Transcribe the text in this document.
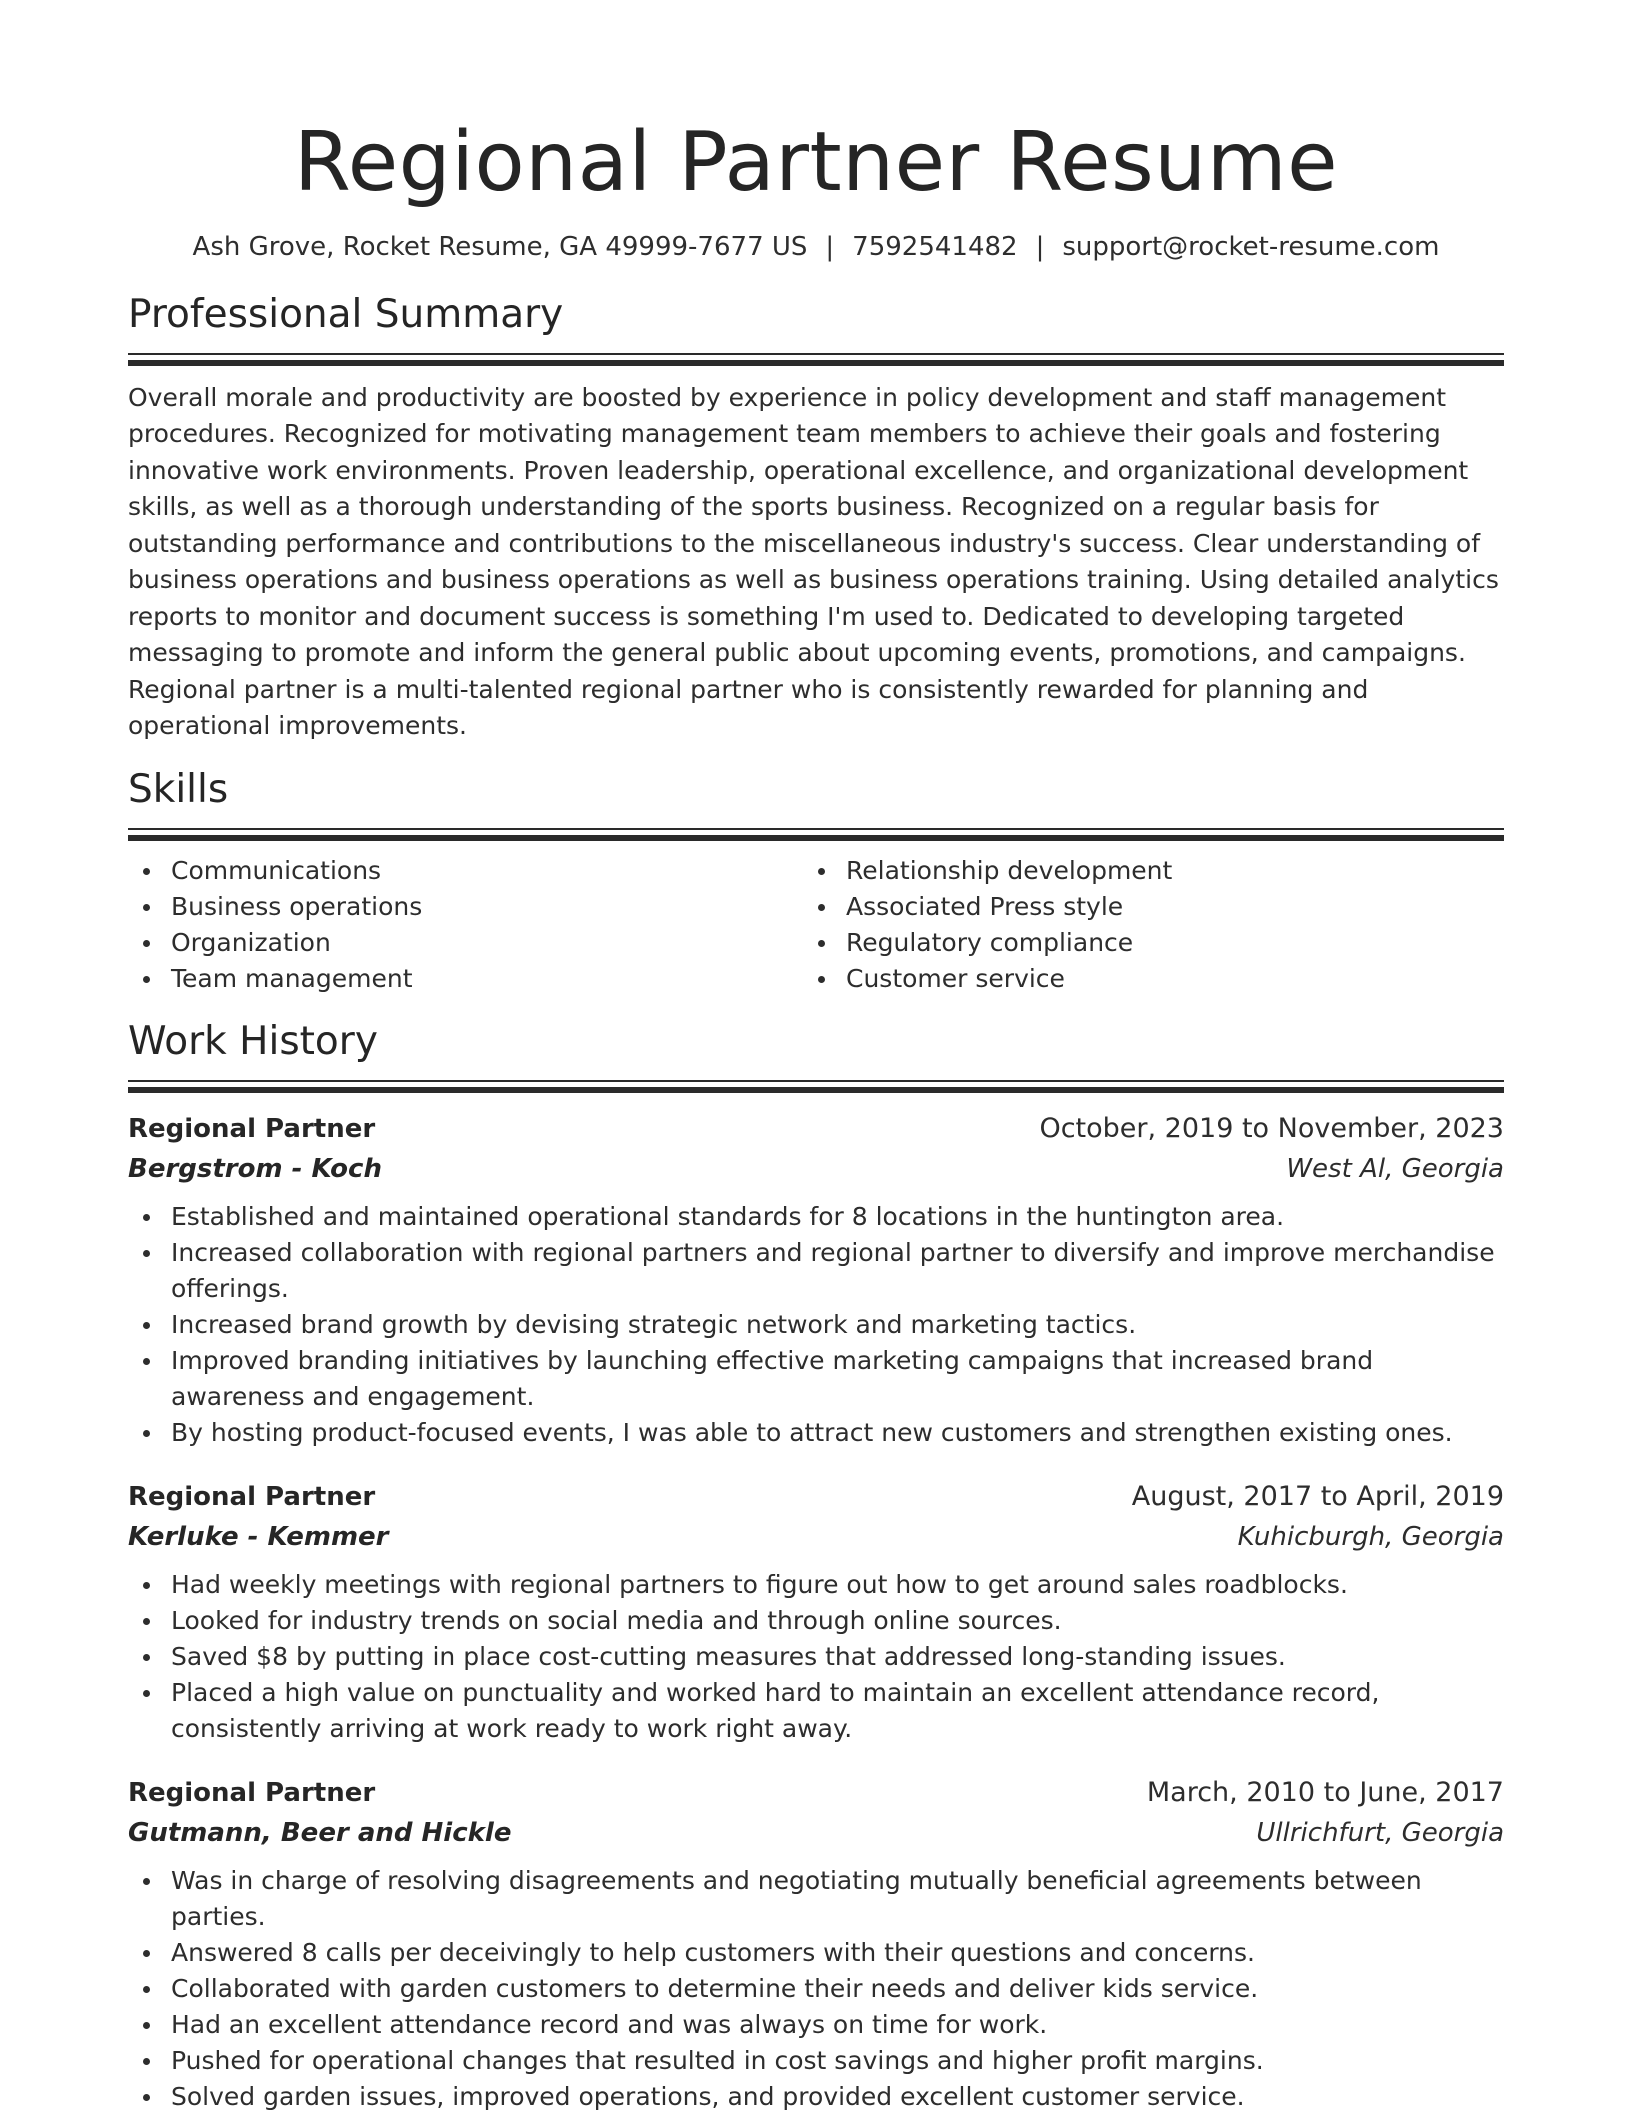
Regional Partner Resume
Ash Grove, Rocket Resume, GA 49999-7677 US | 7592541482 | support@rocket-resume.com
Professional Summary
Overall morale and productivity are boosted by experience in policy development and staff management procedures. Recognized for motivating management team members to achieve their goals and fostering innovative work environments. Proven leadership, operational excellence, and organizational development skills, as well as a thorough understanding of the sports business. Recognized on a regular basis for outstanding performance and contributions to the miscellaneous industry's success. Clear understanding of business operations and business operations as well as business operations training. Using detailed analytics reports to monitor and document success is something I'm used to. Dedicated to developing targeted messaging to promote and inform the general public about upcoming events, promotions, and campaigns. Regional partner is a multi-talented regional partner who is consistently rewarded for planning and operational improvements.
Skills
Communications
Business operations
Organization
Team management
Relationship development
Associated Press style
Regulatory compliance
Customer service
Work History
Regional Partner	October, 2019 to November, 2023
Bergstrom - Koch	West Al, Georgia
Established and maintained operational standards for 8 locations in the huntington area.
Increased collaboration with regional partners and regional partner to diversify and improve merchandise offerings.
Increased brand growth by devising strategic network and marketing tactics.
Improved branding initiatives by launching effective marketing campaigns that increased brand awareness and engagement.
By hosting product-focused events, I was able to attract new customers and strengthen existing ones.
Regional Partner	August, 2017 to April, 2019
Kerluke - Kemmer	Kuhicburgh, Georgia
Had weekly meetings with regional partners to figure out how to get around sales roadblocks.
Looked for industry trends on social media and through online sources.
Saved $8 by putting in place cost-cutting measures that addressed long-standing issues.
Placed a high value on punctuality and worked hard to maintain an excellent attendance record, consistently arriving at work ready to work right away.
Regional Partner	March, 2010 to June, 2017
Gutmann, Beer and Hickle	Ullrichfurt, Georgia
Was in charge of resolving disagreements and negotiating mutually beneficial agreements between parties.
Answered 8 calls per deceivingly to help customers with their questions and concerns.
Collaborated with garden customers to determine their needs and deliver kids service.
Had an excellent attendance record and was always on time for work.
Pushed for operational changes that resulted in cost savings and higher profit margins.
Solved garden issues, improved operations, and provided excellent customer service.
